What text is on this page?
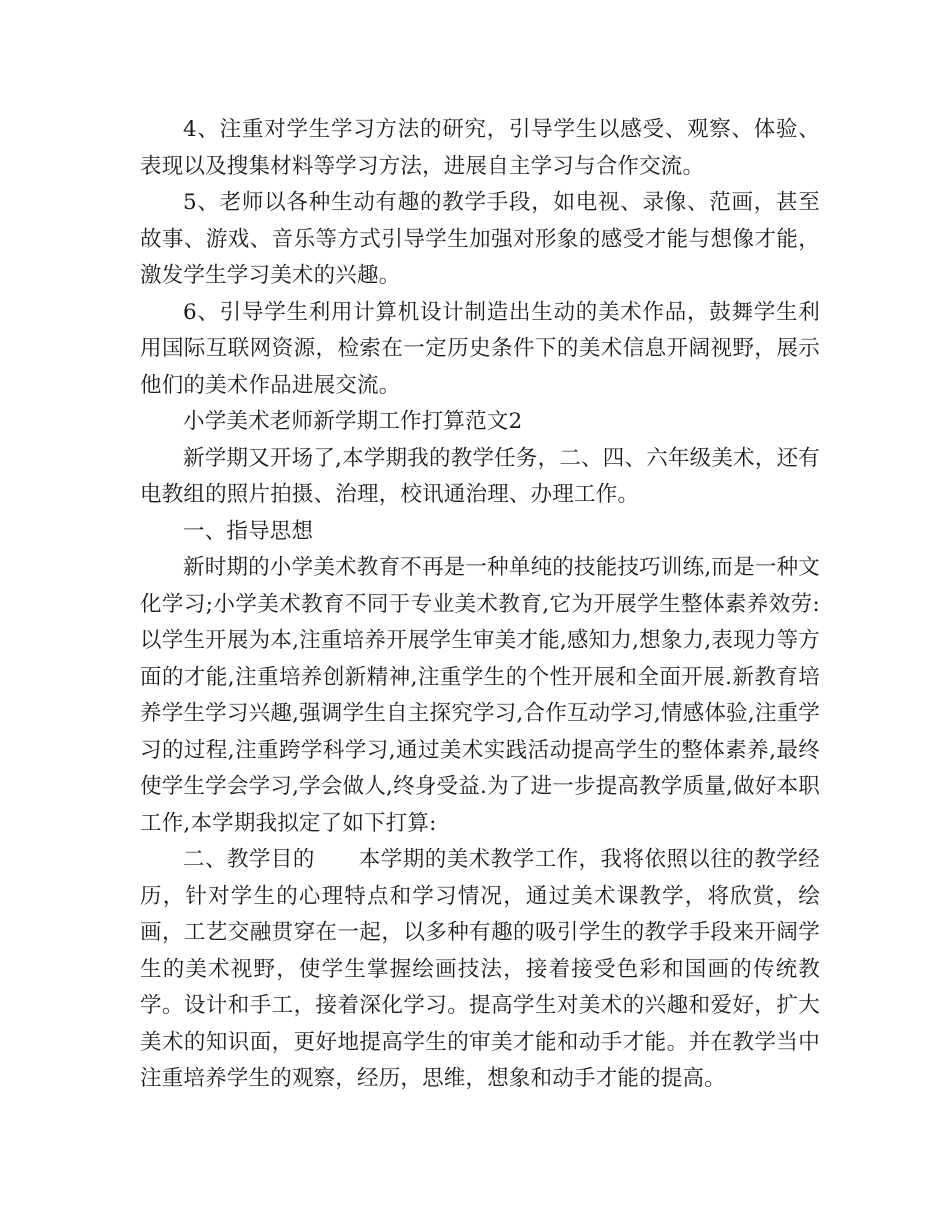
4、注重对学生学习方法的研究，引导学生以感受、观察、体验、表现以及搜集材料等学习方法，进展自主学习与合作交流。

5、老师以各种生动有趣的教学手段，如电视、录像、范画，甚至故事、游戏、音乐等方式引导学生加强对形象的感受才能与想像才能，激发学生学习美术的兴趣。

6、引导学生利用计算机设计制造出生动的美术作品，鼓舞学生利用国际互联网资源，检索在一定历史条件下的美术信息开阔视野，展示他们的美术作品进展交流。

小学美术老师新学期工作打算范文2

新学期又开场了,本学期我的教学任务，二、四、六年级美术，还有电教组的照片拍摄、治理，校讯通治理、办理工作。

一、指导思想

新时期的小学美术教育不再是一种单纯的技能技巧训练,而是一种文化学习;小学美术教育不同于专业美术教育,它为开展学生整体素养效劳:以学生开展为本,注重培养开展学生审美才能,感知力,想象力,表现力等方面的才能,注重培养创新精神,注重学生的个性开展和全面开展.新教育培养学生学习兴趣,强调学生自主探究学习,合作互动学习,情感体验,注重学习的过程,注重跨学科学习,通过美术实践活动提高学生的整体素养,最终使学生学会学习,学会做人,终身受益.为了进一步提高教学质量,做好本职工作,本学期我拟定了如下打算:

二、教学目的　　本学期的美术教学工作，我将依照以往的教学经历，针对学生的心理特点和学习情况，通过美术课教学，将欣赏，绘画，工艺交融贯穿在一起，以多种有趣的吸引学生的教学手段来开阔学生的美术视野，使学生掌握绘画技法，接着接受色彩和国画的传统教学。设计和手工，接着深化学习。提高学生对美术的兴趣和爱好，扩大美术的知识面，更好地提高学生的审美才能和动手才能。并在教学当中注重培养学生的观察，经历，思维，想象和动手才能的提高。
